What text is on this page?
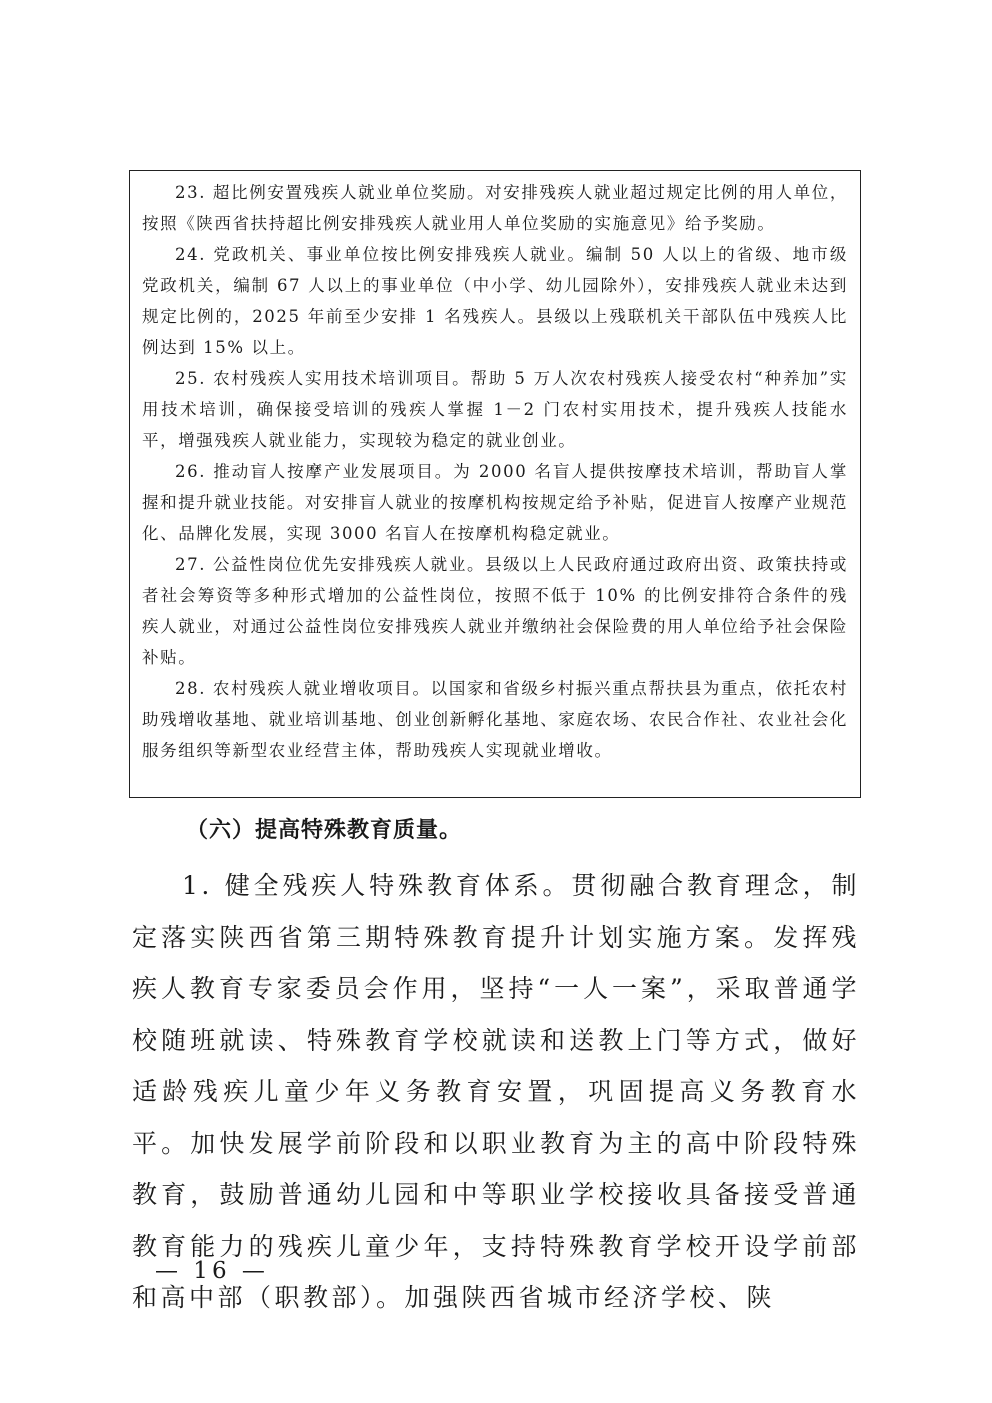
23. 超比例安置残疾人就业单位奖励。对安排残疾人就业超过规定比例的用人单位，按照《陕西省扶持超比例安排残疾人就业用人单位奖励的实施意见》给予奖励。

24. 党政机关、事业单位按比例安排残疾人就业。编制 50 人以上的省级、地市级党政机关，编制 67 人以上的事业单位（中小学、幼儿园除外），安排残疾人就业未达到规定比例的，2025 年前至少安排 1 名残疾人。县级以上残联机关干部队伍中残疾人比例达到 15% 以上。

25. 农村残疾人实用技术培训项目。帮助 5 万人次农村残疾人接受农村“种养加”实用技术培训，确保接受培训的残疾人掌握 1－2 门农村实用技术，提升残疾人技能水平，增强残疾人就业能力，实现较为稳定的就业创业。

26. 推动盲人按摩产业发展项目。为 2000 名盲人提供按摩技术培训，帮助盲人掌握和提升就业技能。对安排盲人就业的按摩机构按规定给予补贴，促进盲人按摩产业规范化、品牌化发展，实现 3000 名盲人在按摩机构稳定就业。

27. 公益性岗位优先安排残疾人就业。县级以上人民政府通过政府出资、政策扶持或者社会筹资等多种形式增加的公益性岗位，按照不低于 10% 的比例安排符合条件的残疾人就业，对通过公益性岗位安排残疾人就业并缴纳社会保险费的用人单位给予社会保险补贴。

28. 农村残疾人就业增收项目。以国家和省级乡村振兴重点帮扶县为重点，依托农村助残增收基地、就业培训基地、创业创新孵化基地、家庭农场、农民合作社、农业社会化服务组织等新型农业经营主体，帮助残疾人实现就业增收。

（六）提高特殊教育质量。

1. 健全残疾人特殊教育体系。贯彻融合教育理念，制定落实陕西省第三期特殊教育提升计划实施方案。发挥残疾人教育专家委员会作用，坚持“一人一案”，采取普通学校随班就读、特殊教育学校就读和送教上门等方式，做好适龄残疾儿童少年义务教育安置，巩固提高义务教育水平。加快发展学前阶段和以职业教育为主的高中阶段特殊教育，鼓励普通幼儿园和中等职业学校接收具备接受普通教育能力的残疾儿童少年，支持特殊教育学校开设学前部和高中部（职教部）。加强陕西省城市经济学校、陕

— 16 —
